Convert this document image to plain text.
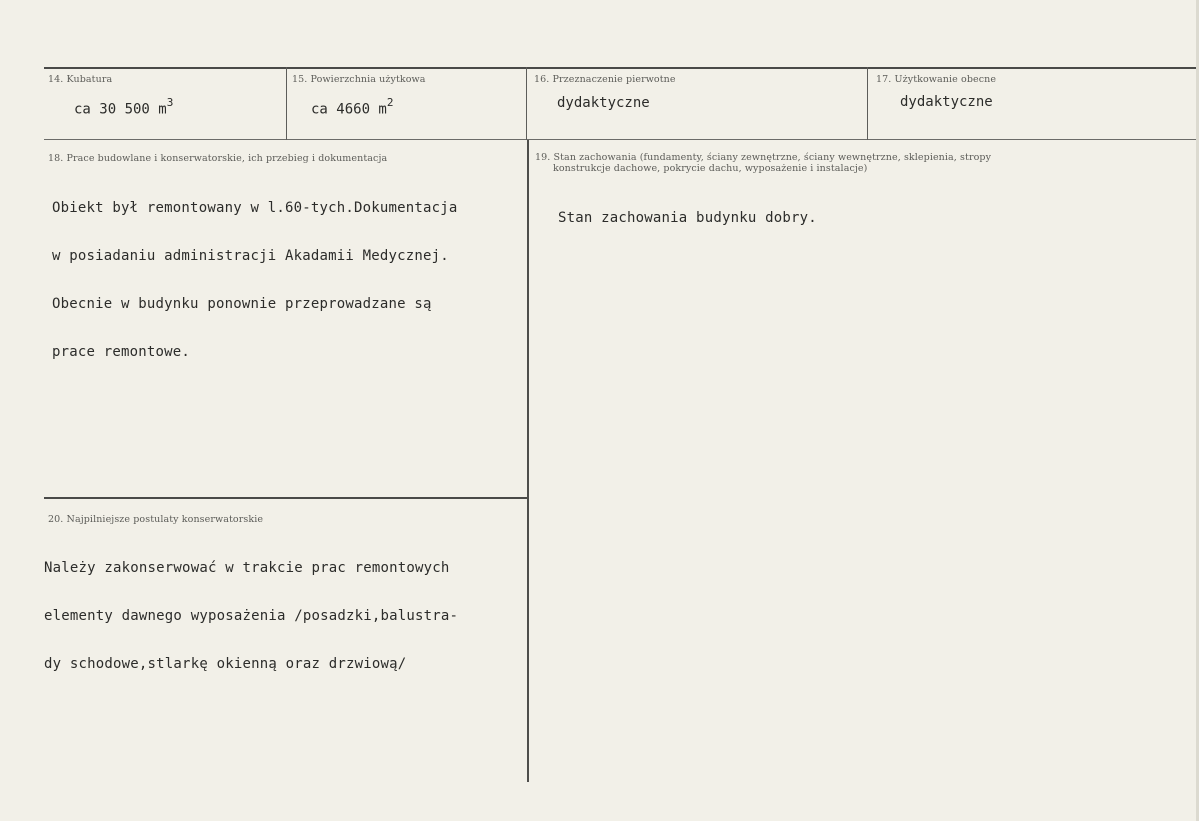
14. Kubatura
ca 30 500 $m^3$
15. Powierzchnia użytkowa
ca 4660 $m^2$
16. Przeznaczenie pierwotne
dydaktyczne
17. Użytkowanie obecne
dydaktyczne
18. Prace budowlane i konserwatorskie, ich przebieg i dokumentacja

Obiekt był remontowany w l.60-tych.Dokumentacja

w posiadaniu administracji Akadamii Medycznej.

Obecnie w budynku ponownie przeprowadzane są

prace remontowe.

19. Stan zachowania (fundamenty, ściany zewnętrzne, ściany wewnętrzne, sklepienia, stropy
konstrukcje dachowe, pokrycie dachu, wyposażenie i instalacje)

Stan zachowania budynku dobry.

20. Najpilniejsze postulaty konserwatorskie

Należy zakonserwować w trakcie prac remontowych

elementy dawnego wyposażenia /posadzki,balustra-

dy schodowe,stlarkę okienną oraz drzwiową/
